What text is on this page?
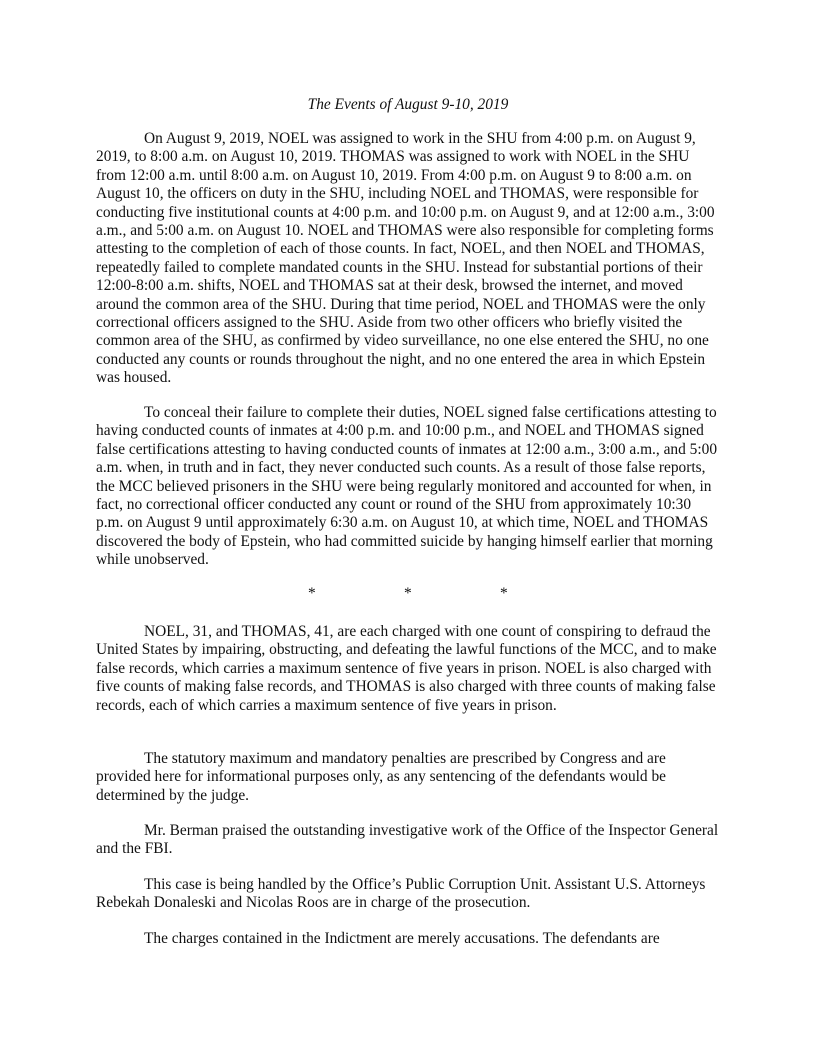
The Events of August 9-10, 2019

On August 9, 2019, NOEL was assigned to work in the SHU from 4:00 p.m. on August 9, 2019, to 8:00 a.m. on August 10, 2019. THOMAS was assigned to work with NOEL in the SHU from 12:00 a.m. until 8:00 a.m. on August 10, 2019. From 4:00 p.m. on August 9 to 8:00 a.m. on August 10, the officers on duty in the SHU, including NOEL and THOMAS, were responsible for conducting five institutional counts at 4:00 p.m. and 10:00 p.m. on August 9, and at 12:00 a.m., 3:00 a.m., and 5:00 a.m. on August 10. NOEL and THOMAS were also responsible for completing forms attesting to the completion of each of those counts. In fact, NOEL, and then NOEL and THOMAS, repeatedly failed to complete mandated counts in the SHU. Instead for substantial portions of their 12:00-8:00 a.m. shifts, NOEL and THOMAS sat at their desk, browsed the internet, and moved around the common area of the SHU. During that time period, NOEL and THOMAS were the only correctional officers assigned to the SHU. Aside from two other officers who briefly visited the common area of the SHU, as confirmed by video surveillance, no one else entered the SHU, no one conducted any counts or rounds throughout the night, and no one entered the area in which Epstein was housed.

To conceal their failure to complete their duties, NOEL signed false certifications attesting to having conducted counts of inmates at 4:00 p.m. and 10:00 p.m., and NOEL and THOMAS signed false certifications attesting to having conducted counts of inmates at 12:00 a.m., 3:00 a.m., and 5:00 a.m. when, in truth and in fact, they never conducted such counts. As a result of those false reports, the MCC believed prisoners in the SHU were being regularly monitored and accounted for when, in fact, no correctional officer conducted any count or round of the SHU from approximately 10:30 p.m. on August 9 until approximately 6:30 a.m. on August 10, at which time, NOEL and THOMAS discovered the body of Epstein, who had committed suicide by hanging himself earlier that morning while unobserved.

*	*	*

NOEL, 31, and THOMAS, 41, are each charged with one count of conspiring to defraud the United States by impairing, obstructing, and defeating the lawful functions of the MCC, and to make false records, which carries a maximum sentence of five years in prison. NOEL is also charged with five counts of making false records, and THOMAS is also charged with three counts of making false records, each of which carries a maximum sentence of five years in prison.

The statutory maximum and mandatory penalties are prescribed by Congress and are provided here for informational purposes only, as any sentencing of the defendants would be determined by the judge.

Mr. Berman praised the outstanding investigative work of the Office of the Inspector General and the FBI.

This case is being handled by the Office’s Public Corruption Unit. Assistant U.S. Attorneys Rebekah Donaleski and Nicolas Roos are in charge of the prosecution.

The charges contained in the Indictment are merely accusations. The defendants are
